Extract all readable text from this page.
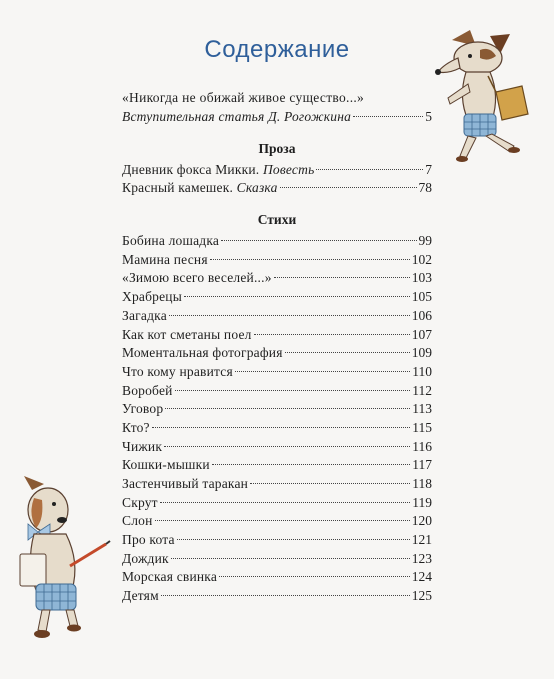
Содержание
«Никогда не обижай живое существо...»
Вступительная статья Д. Рогожкина	5
Проза
Дневник фокса Микки. Повесть	7
Красный камешек. Сказка	78
Стихи
Бобина лошадка	99
Мамина песня	102
«Зимою всего веселей...»	103
Храбрецы	105
Загадка	106
Как кот сметаны поел	107
Моментальная фотография	109
Что кому нравится	110
Воробей	112
Уговор	113
Кто?	115
Чижик	116
Кошки-мышки	117
Застенчивый таракан	118
Скрут	119
Слон	120
Про кота	121
Дождик	123
Морская свинка	124
Детям	125
